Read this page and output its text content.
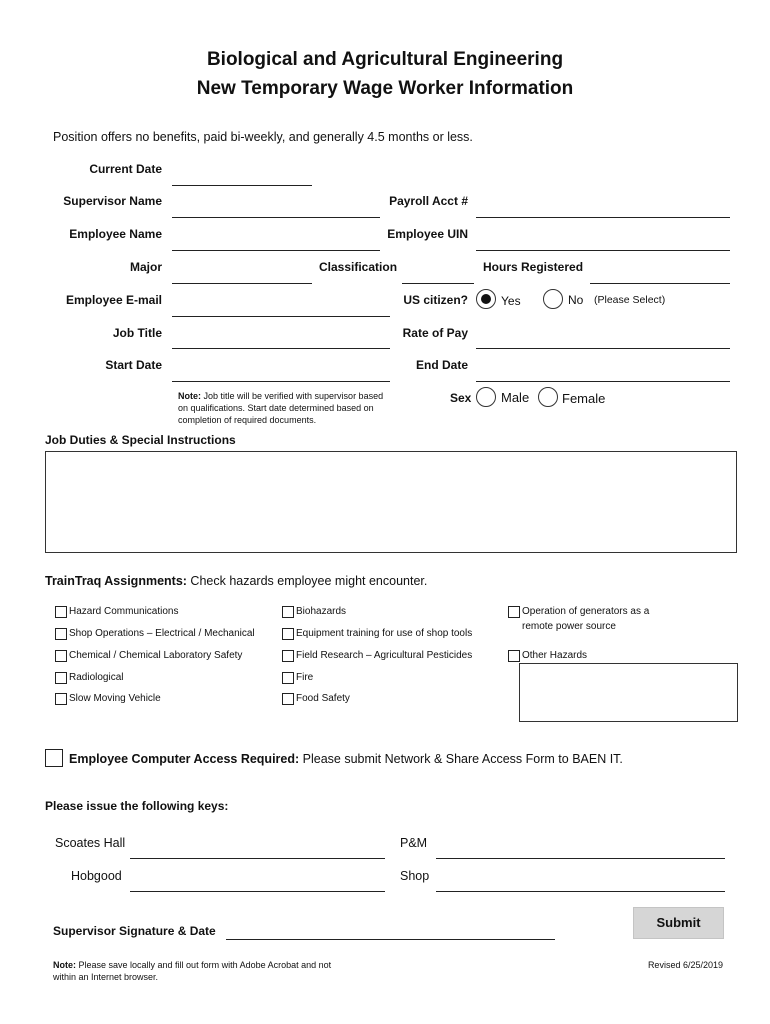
Biological and Agricultural Engineering
New Temporary Wage Worker Information
Position offers no benefits, paid bi-weekly, and generally 4.5 months or less.
Current Date
Supervisor Name	Payroll Acct #
Employee Name	Employee UIN
Major	Classification	Hours Registered
Employee E-mail	US citizen?	Yes	No (Please Select)
Job Title	Rate of Pay
Start Date	End Date
Note: Job title will be verified with supervisor based on qualifications. Start date determined based on completion of required documents.
Sex Male	Female
Job Duties & Special Instructions
TrainTraq Assignments: Check hazards employee might encounter.
Hazard Communications
Shop Operations – Electrical / Mechanical
Chemical / Chemical Laboratory Safety
Radiological
Slow Moving Vehicle
Biohazards
Equipment training for use of shop tools
Field Research – Agricultural Pesticides
Fire
Food Safety
Operation of generators as a
remote power source
Other Hazards
Employee Computer Access Required: Please submit Network & Share Access Form to BAEN IT.
Please issue the following keys:
Scoates Hall	P&M
Hobgood	Shop
Supervisor Signature & Date
Submit
Note: Please save locally and fill out form with Adobe Acrobat and not within an Internet browser.
Revised 6/25/2019
